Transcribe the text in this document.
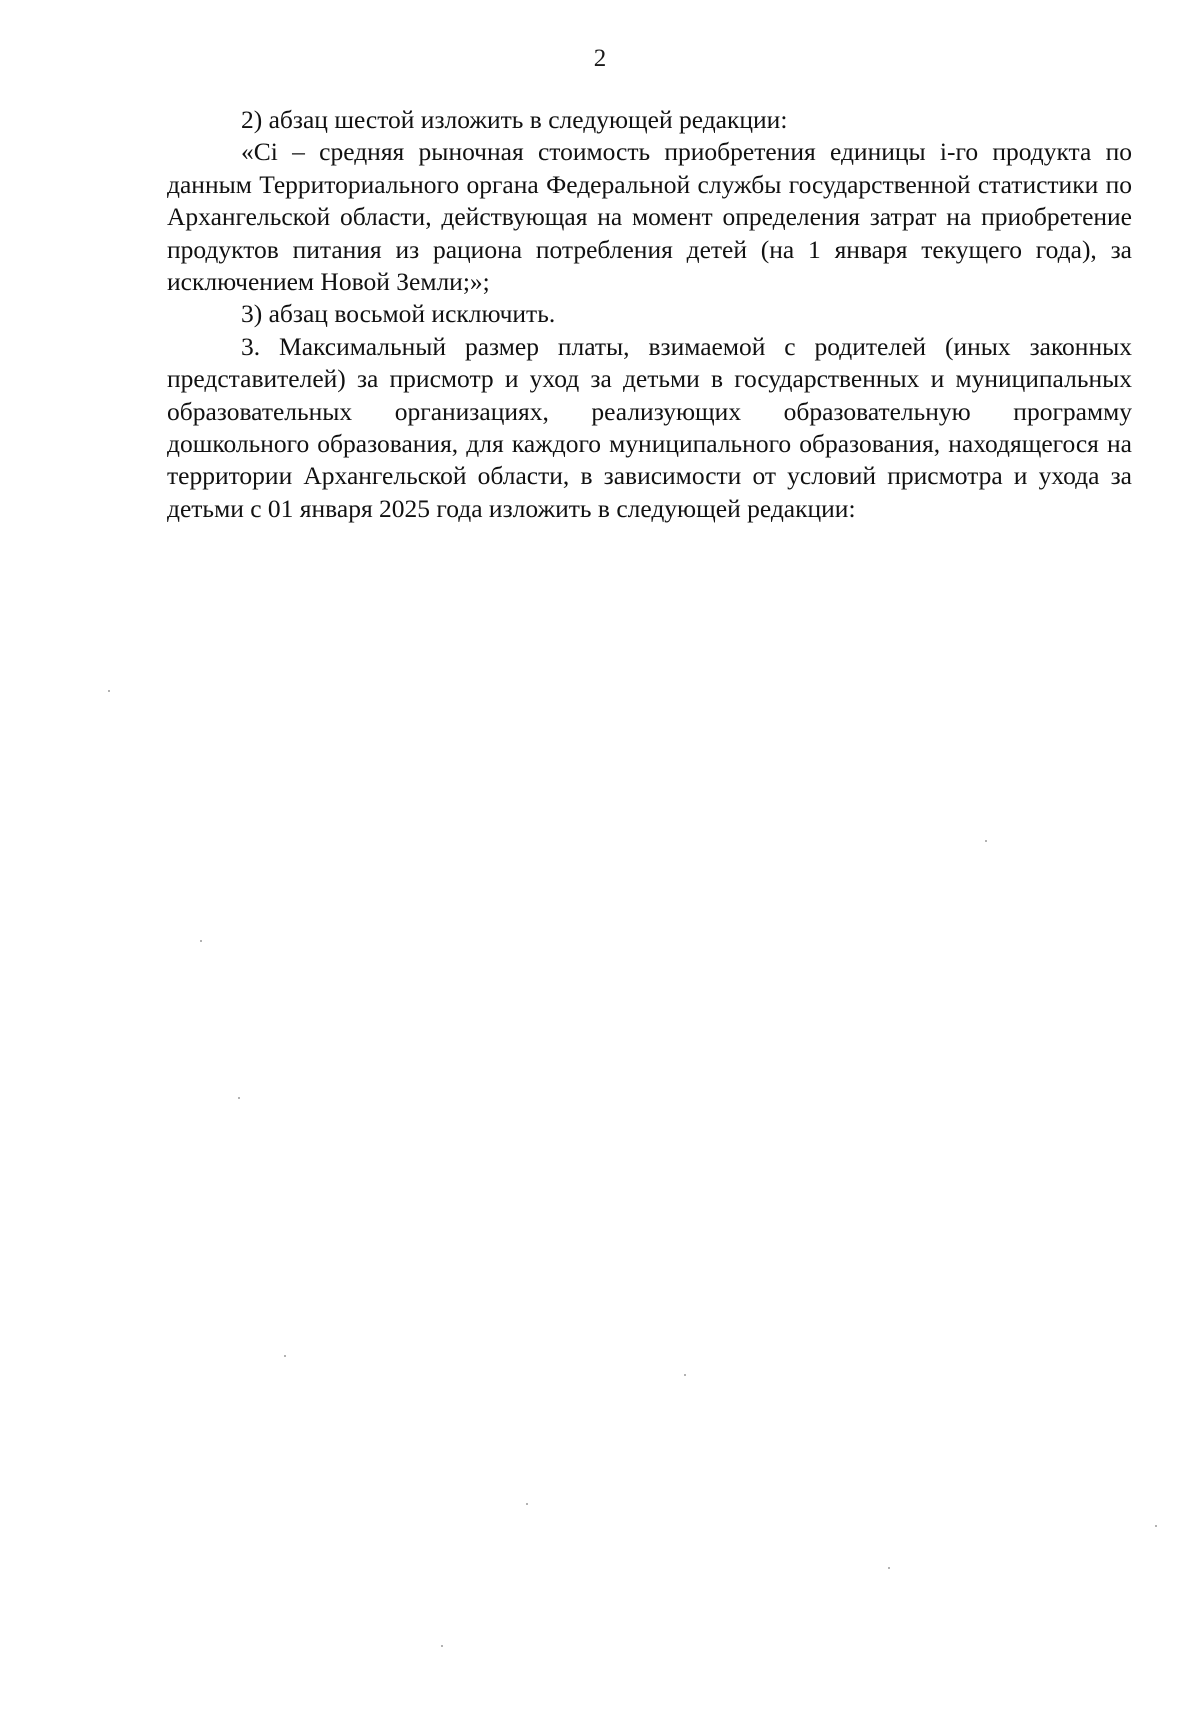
2

2) абзац шестой изложить в следующей редакции:

«Ci – средняя рыночная стоимость приобретения единицы i-го продукта по данным Территориального органа Федеральной службы государственной статистики по Архангельской области, действующая на момент определения затрат на приобретение продуктов питания из рациона потребления детей (на 1 января текущего года), за исключением Новой Земли;»;

3) абзац восьмой исключить.

3. Максимальный размер платы, взимаемой с родителей (иных законных представителей) за присмотр и уход за детьми в государственных и муниципальных образовательных организациях, реализующих образовательную программу дошкольного образования, для каждого муниципального образования, находящегося на территории Архангельской области, в зависимости от условий присмотра и ухода за детьми с 01 января 2025 года изложить в следующей редакции:
